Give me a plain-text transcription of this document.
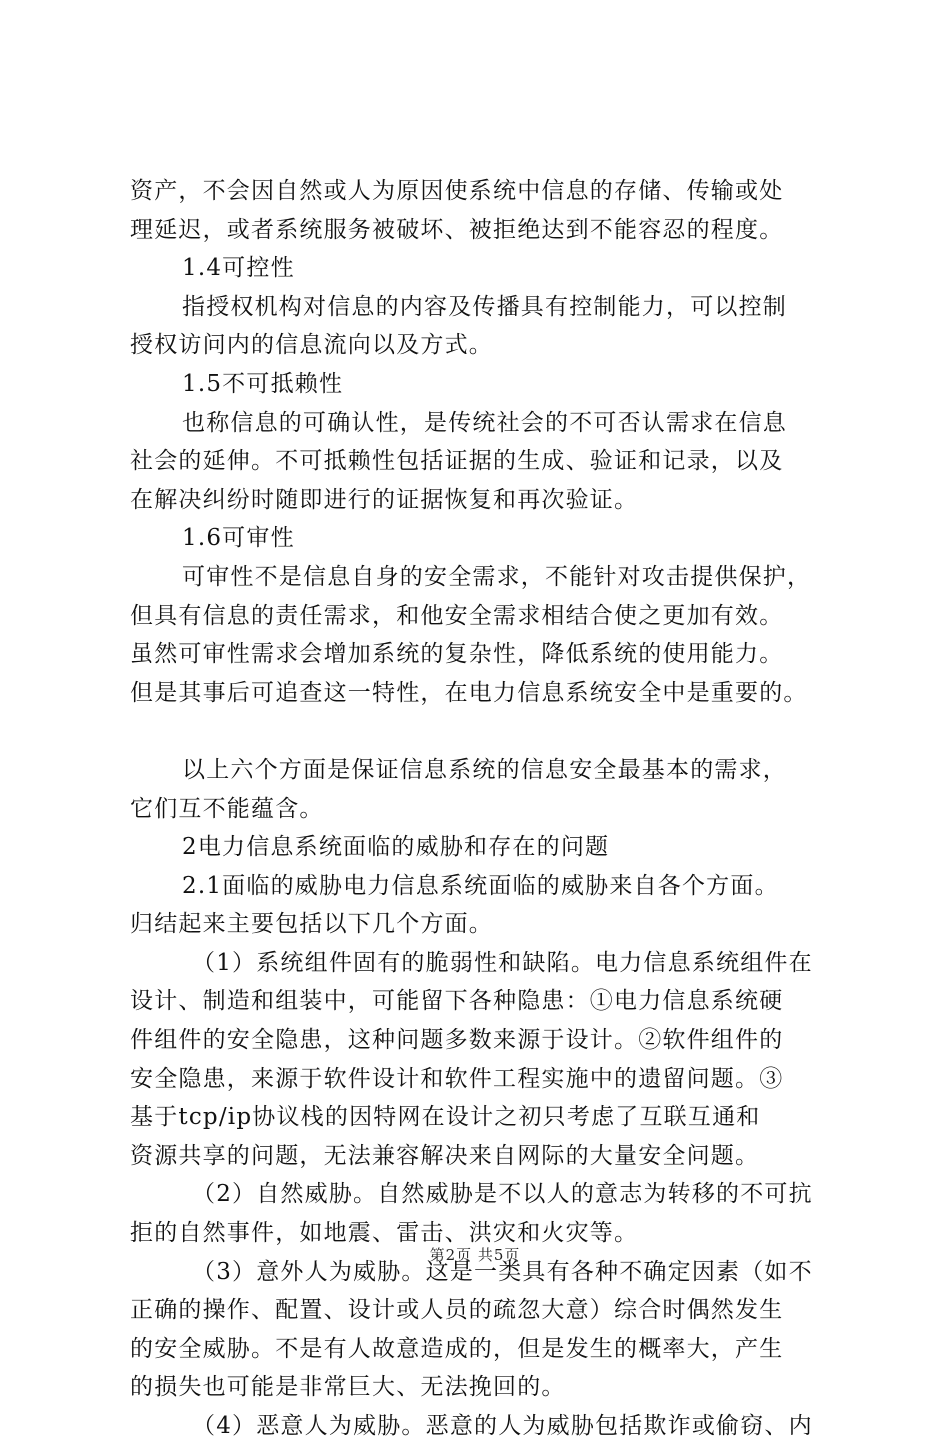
资产，不会因自然或人为原因使系统中信息的存储、传输或处
理延迟，或者系统服务被破坏、被拒绝达到不能容忍的程度。
1.4可控性
指授权机构对信息的内容及传播具有控制能力，可以控制
授权访问内的信息流向以及方式。
1.5不可抵赖性
也称信息的可确认性，是传统社会的不可否认需求在信息
社会的延伸。不可抵赖性包括证据的生成、验证和记录，以及
在解决纠纷时随即进行的证据恢复和再次验证。
1.6可审性
可审性不是信息自身的安全需求，不能针对攻击提供保护，
但具有信息的责任需求，和他安全需求相结合使之更加有效。
虽然可审性需求会增加系统的复杂性，降低系统的使用能力。
但是其事后可追查这一特性，在电力信息系统安全中是重要的。
以上六个方面是保证信息系统的信息安全最基本的需求，
它们互不能蕴含。
2电力信息系统面临的威胁和存在的问题
2.1面临的威胁电力信息系统面临的威胁来自各个方面。
归结起来主要包括以下几个方面。
（1）系统组件固有的脆弱性和缺陷。电力信息系统组件在
设计、制造和组装中，可能留下各种隐患：①电力信息系统硬
件组件的安全隐患，这种问题多数来源于设计。②软件组件的
安全隐患，来源于软件设计和软件工程实施中的遗留问题。③
基于tcp/ip协议栈的因特网在设计之初只考虑了互联互通和
资源共享的问题，无法兼容解决来自网际的大量安全问题。
（2）自然威胁。自然威胁是不以人的意志为转移的不可抗
拒的自然事件，如地震、雷击、洪灾和火灾等。
（3）意外人为威胁。这是一类具有各种不确定因素（如不
正确的操作、配置、设计或人员的疏忽大意）综合时偶然发生
的安全威胁。不是有人故意造成的，但是发生的概率大，产生
的损失也可能是非常巨大、无法挽回的。
（4）恶意人为威胁。恶意的人为威胁包括欺诈或偷窃、内
第2页 共5页
